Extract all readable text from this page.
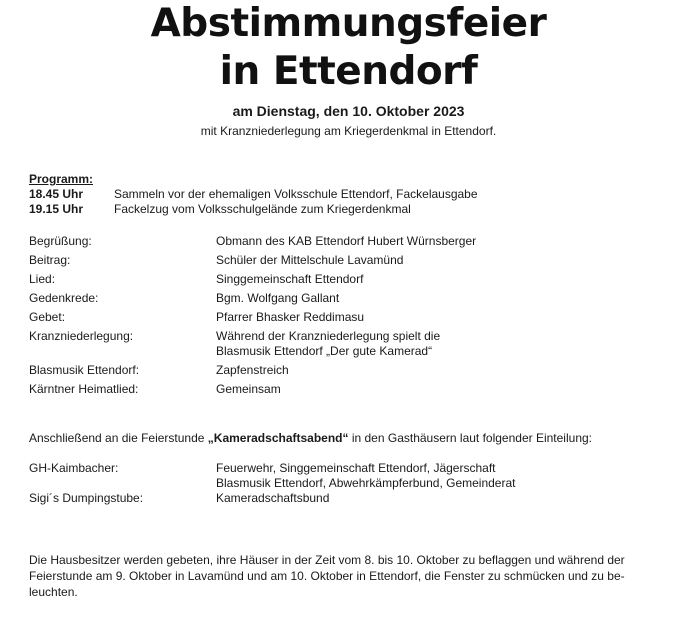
Abstimmungsfeier
in Ettendorf
am Dienstag, den 10. Oktober 2023
mit Kranzniederlegung am Kriegerdenkmal in Ettendorf.
Programm:
18.45 Uhr	Sammeln vor der ehemaligen Volksschule Ettendorf, Fackelausgabe
19.15 Uhr	Fackelzug vom Volksschulgelände zum Kriegerdenkmal
Begrüßung:	Obmann des KAB Ettendorf Hubert Würnsberger
Beitrag:	Schüler der Mittelschule Lavamünd
Lied:	Singgemeinschaft Ettendorf
Gedenkrede:	Bgm. Wolfgang Gallant
Gebet:	Pfarrer Bhasker Reddimasu
Kranzniederlegung:	Während der Kranzniederlegung spielt die
Blasmusik Ettendorf „Der gute Kamerad“
Blasmusik Ettendorf:	Zapfenstreich
Kärntner Heimatlied:	Gemeinsam
Anschließend an die Feierstunde „Kameradschaftsabend“ in den Gasthäusern laut folgender Einteilung:
GH-Kaimbacher:	Feuerwehr, Singgemeinschaft Ettendorf, Jägerschaft
Blasmusik Ettendorf, Abwehrkämpferbund, Gemeinderat
Sigi´s Dumpingstube:	Kameradschaftsbund
Die Hausbesitzer werden gebeten, ihre Häuser in der Zeit vom 8. bis 10. Oktober zu beflaggen und während der
Feierstunde am 9. Oktober in Lavamünd und am 10. Oktober in Ettendorf, die Fenster zu schmücken und zu be-
leuchten.
